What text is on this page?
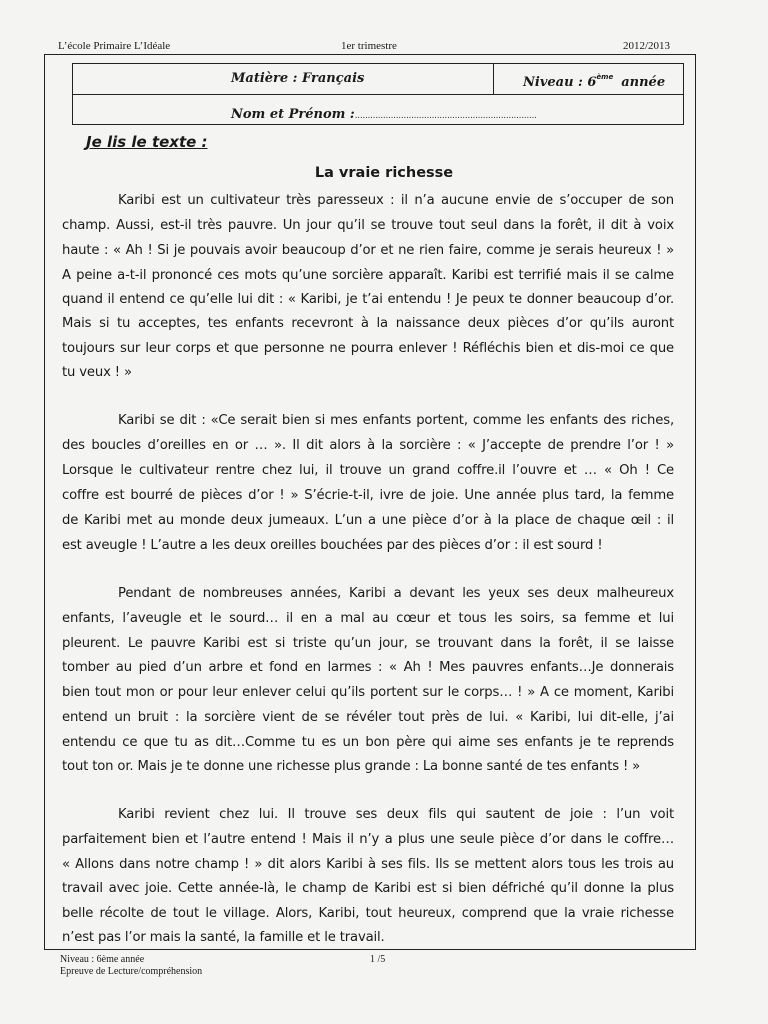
L’école Primaire L’Idéale	1er trimestre	2012/2013
Matière : Français	Niveau : 6ème année
Nom et Prénom :.......................................................................
Je lis le texte :
La vraie richesse
Karibi est un cultivateur très paresseux : il n’a aucune envie de s’occuper de son
champ. Aussi, est-il très pauvre. Un jour qu’il se trouve tout seul dans la forêt, il dit à voix
haute : « Ah ! Si je pouvais avoir beaucoup d’or et ne rien faire, comme je serais heureux ! »
A peine a-t-il prononcé ces mots qu’une sorcière apparaît. Karibi est terrifié mais il se calme
quand il entend ce qu’elle lui dit : « Karibi, je t’ai entendu ! Je peux te donner beaucoup d’or.
Mais si tu acceptes, tes enfants recevront à la naissance deux pièces d’or qu’ils auront
toujours sur leur corps et que personne ne pourra enlever ! Réfléchis bien et dis-moi ce que
tu veux ! »
Karibi se dit : «Ce serait bien si mes enfants portent, comme les enfants des riches,
des boucles d’oreilles en or … ». Il dit alors à la sorcière : « J’accepte de prendre l’or ! »
Lorsque le cultivateur rentre chez lui, il trouve un grand coffre.il l’ouvre et … « Oh ! Ce
coffre est bourré de pièces d’or ! » S’écrie-t-il, ivre de joie. Une année plus tard, la femme
de Karibi met au monde deux jumeaux. L’un a une pièce d’or à la place de chaque œil : il
est aveugle ! L’autre a les deux oreilles bouchées par des pièces d’or : il est sourd !
Pendant de nombreuses années, Karibi a devant les yeux ses deux malheureux
enfants, l’aveugle et le sourd… il en a mal au cœur et tous les soirs, sa femme et lui
pleurent. Le pauvre Karibi est si triste qu’un jour, se trouvant dans la forêt, il se laisse
tomber au pied d’un arbre et fond en larmes : « Ah ! Mes pauvres enfants…Je donnerais
bien tout mon or pour leur enlever celui qu’ils portent sur le corps… ! » A ce moment, Karibi
entend un bruit : la sorcière vient de se révéler tout près de lui. « Karibi, lui dit-elle, j’ai
entendu ce que tu as dit…Comme tu es un bon père qui aime ses enfants je te reprends
tout ton or. Mais je te donne une richesse plus grande : La bonne santé de tes enfants ! »
Karibi revient chez lui. Il trouve ses deux fils qui sautent de joie : l’un voit
parfaitement bien et l’autre entend ! Mais il n’y a plus une seule pièce d’or dans le coffre…
« Allons dans notre champ ! » dit alors Karibi à ses fils. Ils se mettent alors tous les trois au
travail avec joie. Cette année-là, le champ de Karibi est si bien défriché qu’il donne la plus
belle récolte de tout le village. Alors, Karibi, tout heureux, comprend que la vraie richesse
n’est pas l’or mais la santé, la famille et le travail.
Niveau : 6ème année	1 /5
Epreuve de Lecture/compréhension
